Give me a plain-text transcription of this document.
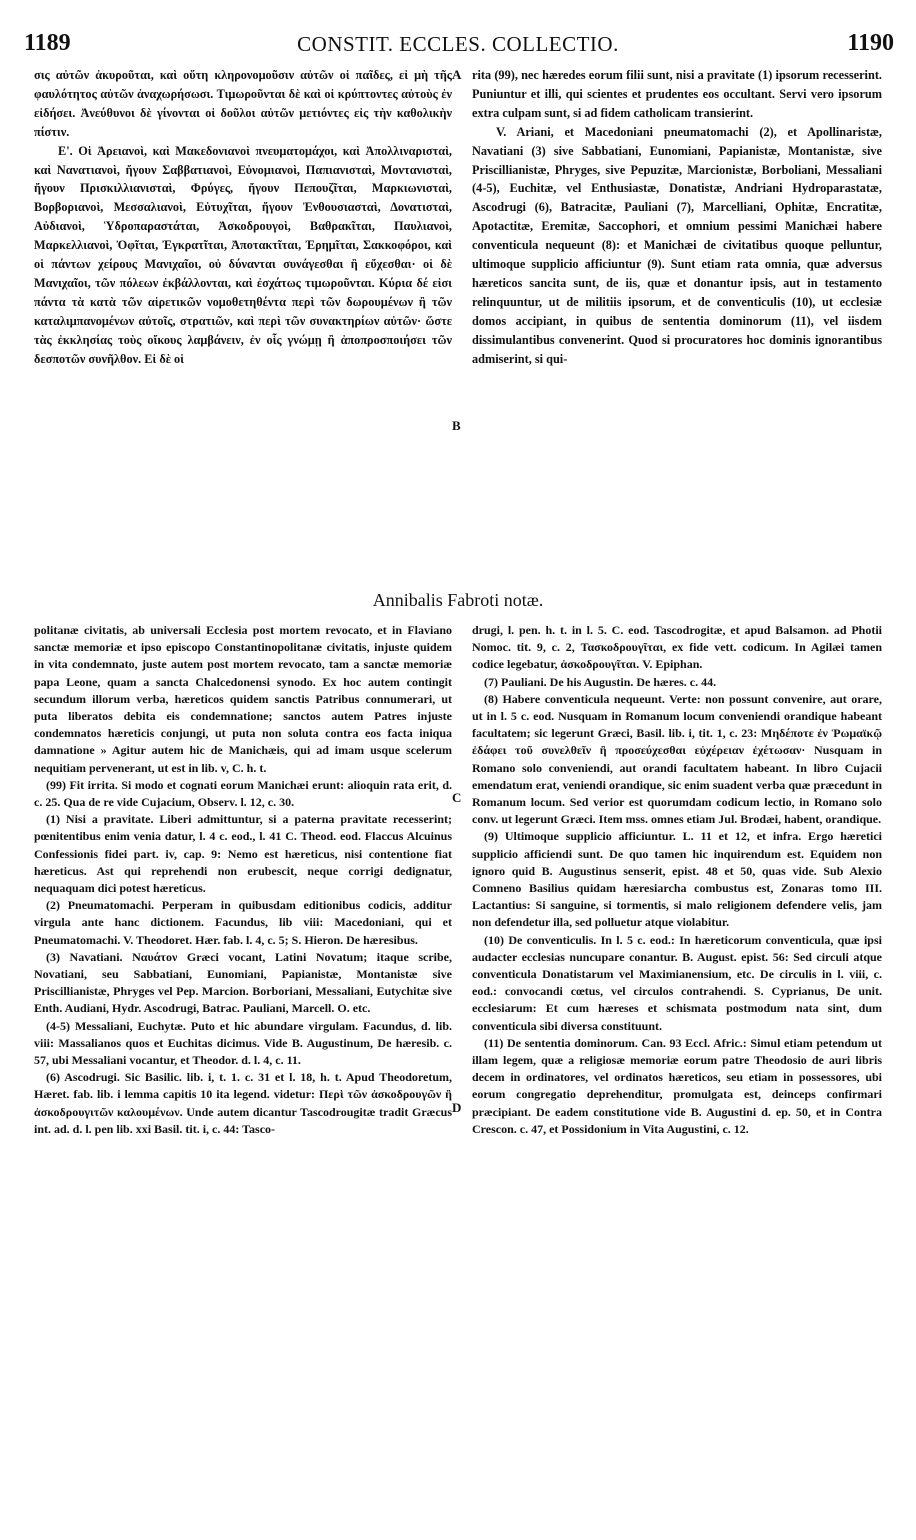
1189	CONSTIT. ECCLES. COLLECTIO.	1190

σις αὐτῶν ἀκυροῦται, καὶ οὕτη κληρονομοῦσιν αὐτῶν οἱ παῖδες, εἰ μὴ τῆς φαυλότητος αὐτῶν ἀναχωρήσωσι. Τιμωροῦνται δὲ καὶ οἱ κρύπτοντες αὐτοὺς ἐν εἰδήσει. Ἀνεύθυνοι δὲ γίνονται οἱ δοῦλοι αὐτῶν μετιόντες εἰς τὴν καθολικὴν πίστιν.

Ε'. Οἱ Ἀρειανοὶ, καὶ Μακεδονιανοὶ πνευματομάχοι, καὶ Ἀπολλιναρισταὶ, καὶ Νανατιανοὶ, ἤγουν Σαββατιανοὶ, Εὐνομιανοὶ, Παπιανισταὶ, Μοντανισταὶ, ἤγουν Πρισκιλλιανισταὶ, Φρύγες, ἤγουν Πεπουζῖται, Μαρκιωνισταὶ, Βορβοριανοὶ, Μεσσαλιανοὶ, Εὐτυχῖται, ἤγουν Ἐνθουσιασταὶ, Δονατισταὶ, Αὐδιανοὶ, Ὑδροπαραστάται, Ἀσκοδρουγοὶ, Βαθρακῖται, Παυλιανοὶ, Μαρκελλιανοὶ, Ὀφῖται, Ἐγκρατῖται, Ἀποτακτῖται, Ἐρημῖται, Σακκοφόροι, καὶ οἱ πάντων χείρους Μανιχαῖοι, οὐ δύνανται συνάγεσθαι ἢ εὔχεσθαι· οἱ δὲ Μανιχαῖοι, τῶν πόλεων ἐκβάλλονται, καὶ ἐσχάτως τιμωροῦνται. Κύρια δέ εἰσι πάντα τὰ κατὰ τῶν αἱρετικῶν νομοθετηθέντα περὶ τῶν δωρουμένων ἢ τῶν καταλιμπανομένων αὐτοῖς, στρατιῶν, καὶ περὶ τῶν συνακτηρίων αὐτῶν· ὥστε τὰς ἐκκλησίας τοὺς οἴκους λαμβάνειν, ἐν οἷς γνώμῃ ἢ ἀποπροσποιήσει τῶν δεσποτῶν συνῆλθον. Εἰ δὲ οἱ

A
B

rita (99), nec hæredes eorum filii sunt, nisi a pravitate (1) ipsorum recesserint. Puniuntur et illi, qui scientes et prudentes eos occultant. Servi vero ipsorum extra culpam sunt, si ad fidem catholicam transierint.

V. Ariani, et Macedoniani pneumatomachi (2), et Apollinaristæ, Navatiani (3) sive Sabbatiani, Eunomiani, Papianistæ, Montanistæ, sive Priscillianistæ, Phryges, sive Pepuzitæ, Marcionistæ, Borboliani, Messaliani (4-5), Euchitæ, vel Enthusiastæ, Donatistæ, Andriani Hydroparastatæ, Ascodrugi (6), Batracitæ, Pauliani (7), Marcelliani, Ophitæ, Encratitæ, Apotactitæ, Eremitæ, Saccophori, et omnium pessimi Manichæi habere conventicula nequeunt (8): et Manichæi de civitatibus quoque pelluntur, ultimoque supplicio afficiuntur (9). Sunt etiam rata omnia, quæ adversus hæreticos sancita sunt, de iis, quæ et donantur ipsis, aut in testamento relinquuntur, ut de militiis ipsorum, et de conventiculis (10), ut ecclesiæ domos accipiant, in quibus de sententia dominorum (11), vel iisdem dissimulantibus convenerint. Quod si procuratores hoc dominis ignorantibus admiserint, si qui-

Annibalis Fabroti notæ.

politanæ civitatis, ab universali Ecclesia post mortem revocato, et in Flaviano sanctæ memoriæ et ipso episcopo Constantinopolitanæ civitatis, injuste quidem in vita condemnato, juste autem post mortem revocato, tam a sanctæ memoriæ papa Leone, quam a sancta Chalcedonensi synodo. Ex hoc autem contingit secundum illorum verba, hæreticos quidem sanctis Patribus connumerari, ut puta liberatos debita eis condemnatione; sanctos autem Patres injuste condemnatos hæreticis conjungi, ut puta non soluta contra eos facta iniqua damnatione » Agitur autem hic de Manichæis, qui ad imam usque scelerum nequitiam pervenerant, ut est in lib. v, C. h. t.

(99) Fit irrita. Si modo et cognati eorum Manichæi erunt: alioquin rata erit, d. c. 25. Qua de re vide Cujacium, Observ. l. 12, c. 30.

(1) Nisi a pravitate. Liberi admittuntur, si a paterna pravitate recesserint; pœnitentibus enim venia datur, l. 4 c. eod., l. 41 C. Theod. eod. Flaccus Alcuinus Confessionis fidei part. iv, cap. 9: Nemo est hæreticus, nisi contentione fiat hæreticus. Ast qui reprehendi non erubescit, neque corrigi dedignatur, nequaquam dici potest hæreticus.

(2) Pneumatomachi. Perperam in quibusdam editionibus codicis, additur virgula ante hanc dictionem. Facundus, lib viii: Macedoniani, qui et Pneumatomachi. V. Theodoret. Hær. fab. l. 4, c. 5; S. Hieron. De hæresibus.

(3) Navatiani. Ναυάτον Græci vocant, Latini Novatum; itaque scribe, Novatiani, seu Sabbatiani, Eunomiani, Papianistæ, Montanistæ sive Priscillianistæ, Phryges vel Pep. Marcion. Borboriani, Messaliani, Eutychitæ sive Enth. Audiani, Hydr. Ascodrugi, Batrac. Pauliani, Marcell. O. etc.

(4-5) Messaliani, Euchytæ. Puto et hic abundare virgulam. Facundus, d. lib. viii: Massalianos quos et Euchitas dicimus. Vide B. Augustinum, De hæresib. c. 57, ubi Messaliani vocantur, et Theodor. d. l. 4, c. 11.

(6) Ascodrugi. Sic Basilic. lib. i, t. 1. c. 31 et l. 18, h. t. Apud Theodoretum, Hæret. fab. lib. i lemma capitis 10 ita legend. videtur: Περὶ τῶν ἀσκοδρουγῶν ἢ ἀσκοδρουγιτῶν καλουμένων. Unde autem dicantur Tascodrougitæ tradit Græcus int. ad. d. l. pen lib. xxi Basil. tit. i, c. 44: Tasco-

C
D

drugi, l. pen. h. t. in l. 5. C. eod. Tascodrogitæ, et apud Balsamon. ad Photii Nomoc. tit. 9, c. 2, Τασκοδρουγῖται, ex fide vett. codicum. In Agilæi tamen codice legebatur, ἀσκοδρουγῖται. V. Epiphan.

(7) Pauliani. De his Augustin. De hæres. c. 44.

(8) Habere conventicula nequeunt. Verte: non possunt convenire, aut orare, ut in l. 5 c. eod. Nusquam in Romanum locum conveniendi orandique habeant facultatem; sic legerunt Græci, Basil. lib. i, tit. 1, c. 23: Μηδέποτε ἐν Ῥωμαϊκῷ ἐδάφει τοῦ συνελθεῖν ἢ προσεύχεσθαι εὐχέρειαν ἐχέτωσαν· Nusquam in Romano solo conveniendi, aut orandi facultatem habeant. In libro Cujacii emendatum erat, veniendi orandique, sic enim suadent verba quæ præcedunt in Romanum locum. Sed verior est quorumdam codicum lectio, in Romano solo conv. ut legerunt Græci. Item mss. omnes etiam Jul. Brodæi, habent, orandique.

(9) Ultimoque supplicio afficiuntur. L. 11 et 12, et infra. Ergo hæretici supplicio afficiendi sunt. De quo tamen hic inquirendum est. Equidem non ignoro quid B. Augustinus senserit, epist. 48 et 50, quas vide. Sub Alexio Comneno Basilius quidam hæresiarcha combustus est, Zonaras tomo III. Lactantius: Si sanguine, si tormentis, si malo religionem defendere velis, jam non defendetur illa, sed polluetur atque violabitur.

(10) De conventiculis. In l. 5 c. eod.: In hæreticorum conventicula, quæ ipsi audacter ecclesias nuncupare conantur. B. August. epist. 56: Sed circuli atque conventicula Donatistarum vel Maximianensium, etc. De circulis in l. viii, c. eod.: convocandi cœtus, vel circulos contrahendi. S. Cyprianus, De unit. ecclesiarum: Et cum hæreses et schismata postmodum nata sint, dum conventicula sibi diversa constituunt.

(11) De sententia dominorum. Can. 93 Eccl. Afric.: Simul etiam petendum ut illam legem, quæ a religiosæ memoriæ eorum patre Theodosio de auri libris decem in ordinatores, vel ordinatos hæreticos, seu etiam in possessores, ubi eorum congregatio deprehenditur, promulgata est, deinceps confirmari præcipiant. De eadem constitutione vide B. Augustini d. ep. 50, et in Contra Crescon. c. 47, et Possidonium in Vita Augustini, c. 12.
